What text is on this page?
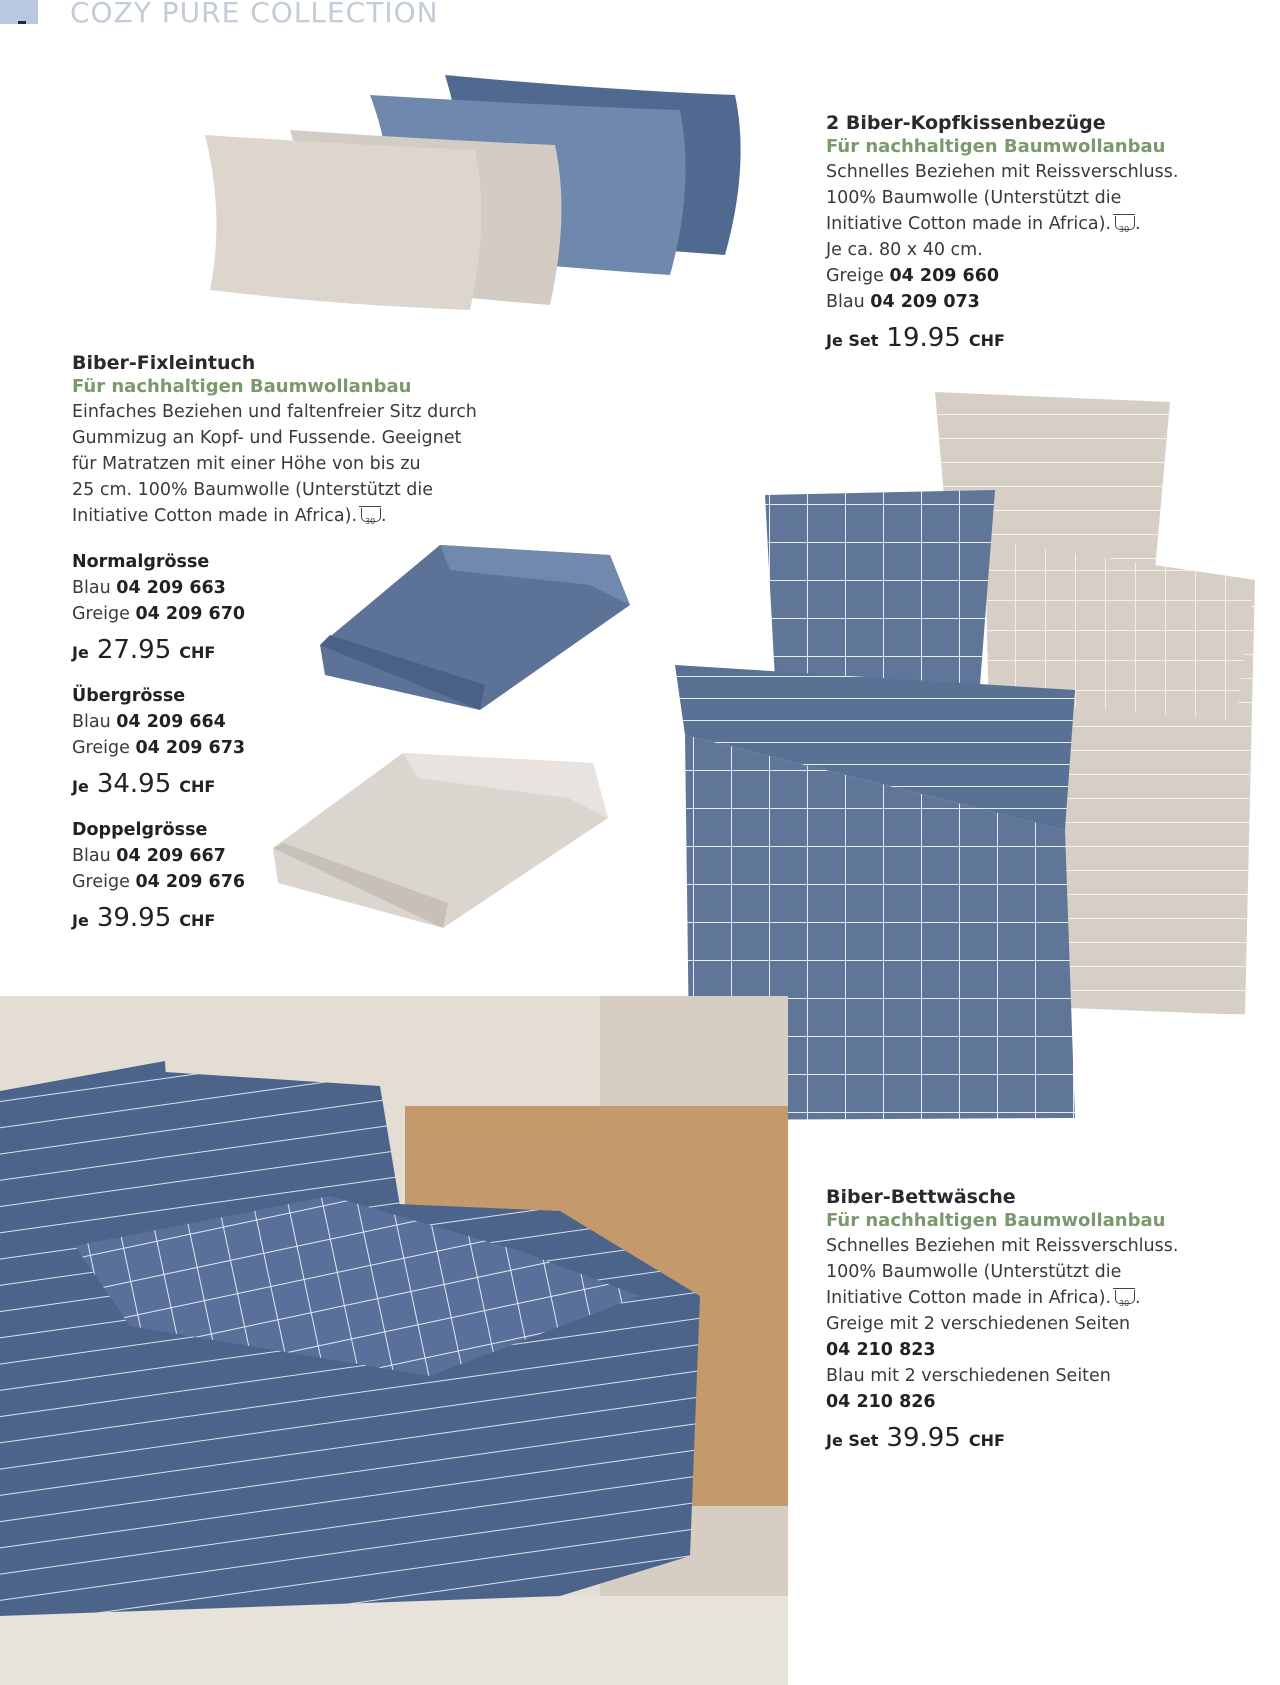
COZY PURE COLLECTION
2 Biber-Kopfkissenbezüge
Für nachhaltigen Baumwollanbau
Schnelles Beziehen mit Reissverschluss.
100% Baumwolle (Unterstützt die
Initiative Cotton made in Africa). 30 .
Je ca. 80 x 40 cm.
Greige 04 209 660
Blau 04 209 073
Je Set 19.95 CHF
Biber-Fixleintuch
Für nachhaltigen Baumwollanbau
Einfaches Beziehen und faltenfreier Sitz durch
Gummizug an Kopf- und Fussende. Geeignet
für Matratzen mit einer Höhe von bis zu
25 cm. 100% Baumwolle (Unterstützt die
Initiative Cotton made in Africa). 30 .
Normalgrösse
Blau 04 209 663
Greige 04 209 670
Je 27.95 CHF
Übergrösse
Blau 04 209 664
Greige 04 209 673
Je 34.95 CHF
Doppelgrösse
Blau 04 209 667
Greige 04 209 676
Je 39.95 CHF
Biber-Bettwäsche
Für nachhaltigen Baumwollanbau
Schnelles Beziehen mit Reissverschluss.
100% Baumwolle (Unterstützt die
Initiative Cotton made in Africa). 30 .
Greige mit 2 verschiedenen Seiten
04 210 823
Blau mit 2 verschiedenen Seiten
04 210 826
Je Set 39.95 CHF
